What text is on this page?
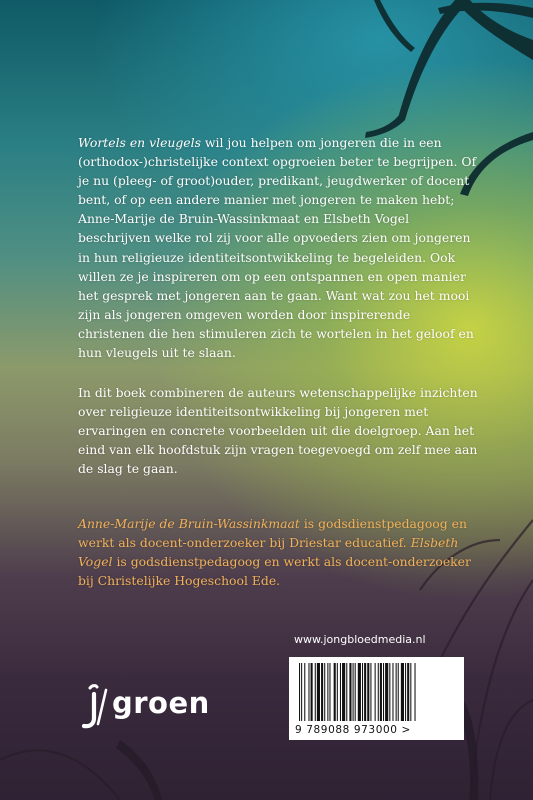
Wortels en vleugels wil jou helpen om jongeren die in een (orthodox-)christelijke context opgroeien beter te begrijpen. Of je nu (pleeg- of groot)ouder, predikant, jeugdwerker of docent bent, of op een andere manier met jongeren te maken hebt; Anne-Marije de Bruin-Wassinkmaat en Elsbeth Vogel beschrijven welke rol zij voor alle opvoeders zien om jongeren in hun religieuze identiteitsontwikkeling te begeleiden. Ook willen ze je inspireren om op een ontspannen en open manier het gesprek met jongeren aan te gaan. Want wat zou het mooi zijn als jongeren omgeven worden door inspirerende christenen die hen stimuleren zich te wortelen in het geloof en hun vleugels uit te slaan.
In dit boek combineren de auteurs wetenschappelijke inzichten over religieuze identiteitsontwikkeling bij jongeren met ervaringen en concrete voorbeelden uit die doelgroep. Aan het eind van elk hoofdstuk zijn vragen toegevoegd om zelf mee aan de slag te gaan.
Anne-Marije de Bruin-Wassinkmaat is godsdienstpedagoog en werkt als docent-onderzoeker bij Driestar educatief. Elsbeth Vogel is godsdienstpedagoog en werkt als docent-onderzoeker bij Christelijke Hogeschool Ede.
www.jongbloedmedia.nl
groen
9 789088 973000 >
